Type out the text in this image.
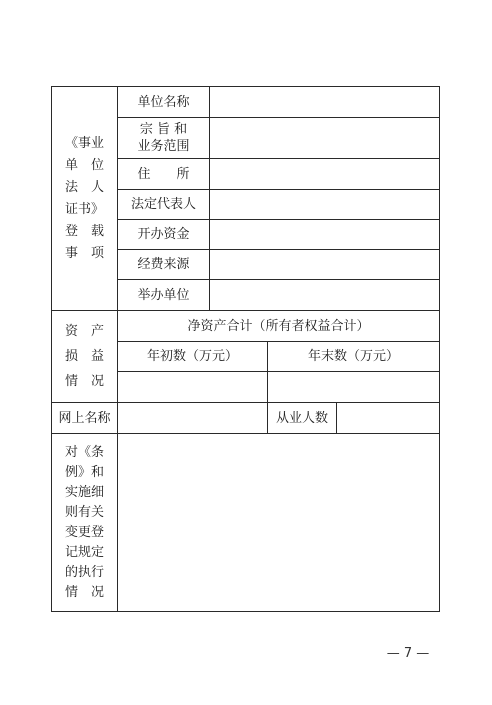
《事业
单　位
法　人
证书》
登　载
事　项
单位名称
宗 旨 和
业务范围
住　　所
法定代表人
开办资金
经费来源
举办单位
资　产
损　益
情　况
净资产合计（所有者权益合计）
年初数（万元）	年末数（万元）
网上名称	从业人数
对《条
例》和
实施细
则有关
变更登
记规定
的执行
情　况
— 7 —
